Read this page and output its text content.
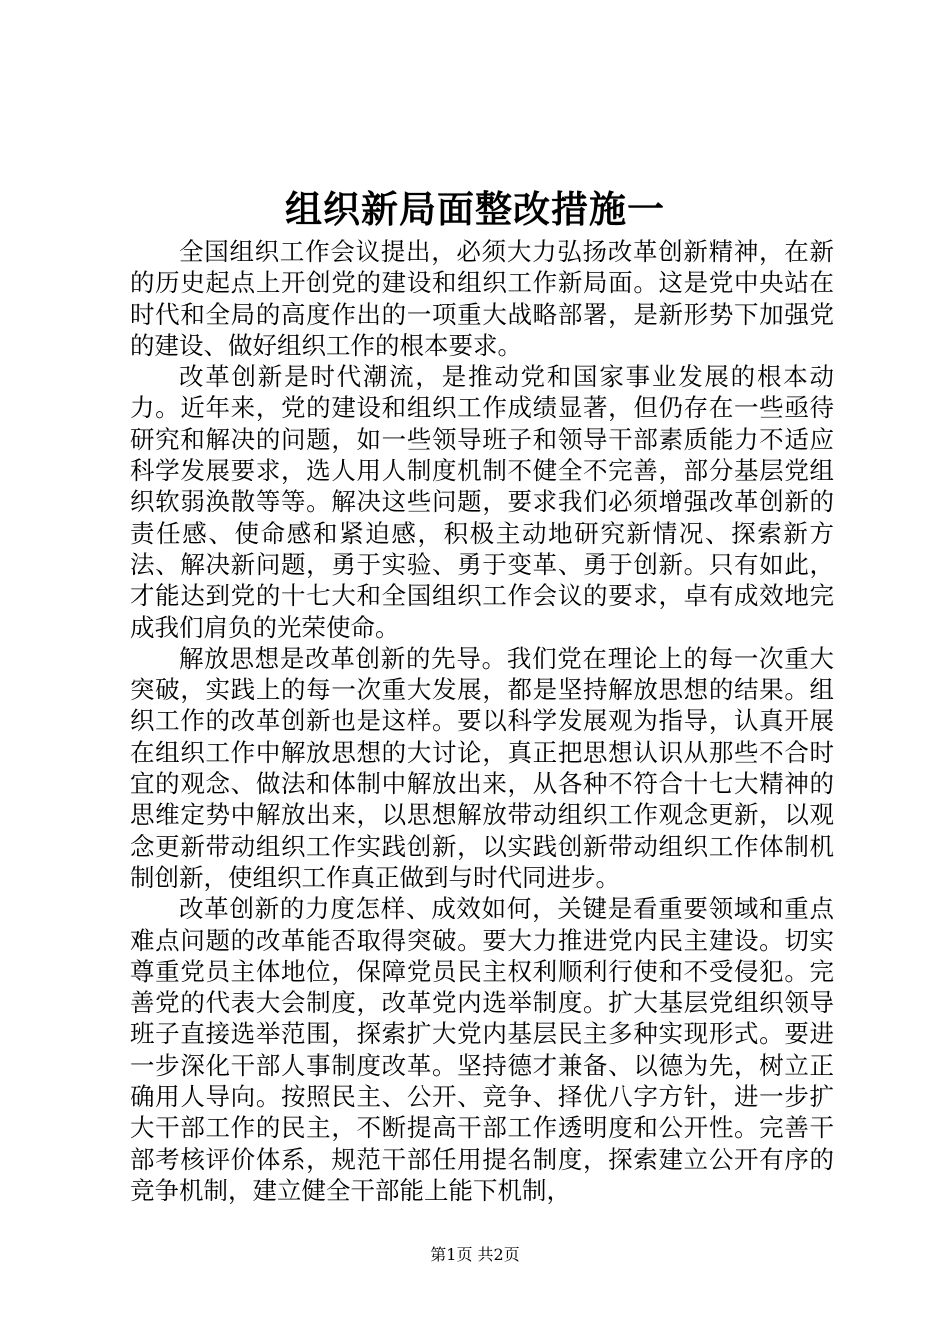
组织新局面整改措施一

全国组织工作会议提出，必须大力弘扬改革创新精神，在新的历史起点上开创党的建设和组织工作新局面。这是党中央站在时代和全局的高度作出的一项重大战略部署，是新形势下加强党的建设、做好组织工作的根本要求。

改革创新是时代潮流，是推动党和国家事业发展的根本动力。近年来，党的建设和组织工作成绩显著，但仍存在一些亟待研究和解决的问题，如一些领导班子和领导干部素质能力不适应科学发展要求，选人用人制度机制不健全不完善，部分基层党组织软弱涣散等等。解决这些问题，要求我们必须增强改革创新的责任感、使命感和紧迫感，积极主动地研究新情况、探索新方法、解决新问题，勇于实验、勇于变革、勇于创新。只有如此，才能达到党的十七大和全国组织工作会议的要求，卓有成效地完成我们肩负的光荣使命。

解放思想是改革创新的先导。我们党在理论上的每一次重大突破，实践上的每一次重大发展，都是坚持解放思想的结果。组织工作的改革创新也是这样。要以科学发展观为指导，认真开展在组织工作中解放思想的大讨论，真正把思想认识从那些不合时宜的观念、做法和体制中解放出来，从各种不符合十七大精神的思维定势中解放出来，以思想解放带动组织工作观念更新，以观念更新带动组织工作实践创新，以实践创新带动组织工作体制机制创新，使组织工作真正做到与时代同进步。

改革创新的力度怎样、成效如何，关键是看重要领域和重点难点问题的改革能否取得突破。要大力推进党内民主建设。切实尊重党员主体地位，保障党员民主权利顺利行使和不受侵犯。完善党的代表大会制度，改革党内选举制度。扩大基层党组织领导班子直接选举范围，探索扩大党内基层民主多种实现形式。要进一步深化干部人事制度改革。坚持德才兼备、以德为先，树立正确用人导向。按照民主、公开、竞争、择优八字方针，进一步扩大干部工作的民主，不断提高干部工作透明度和公开性。完善干部考核评价体系，规范干部任用提名制度，探索建立公开有序的竞争机制，建立健全干部能上能下机制，

第1页 共2页
